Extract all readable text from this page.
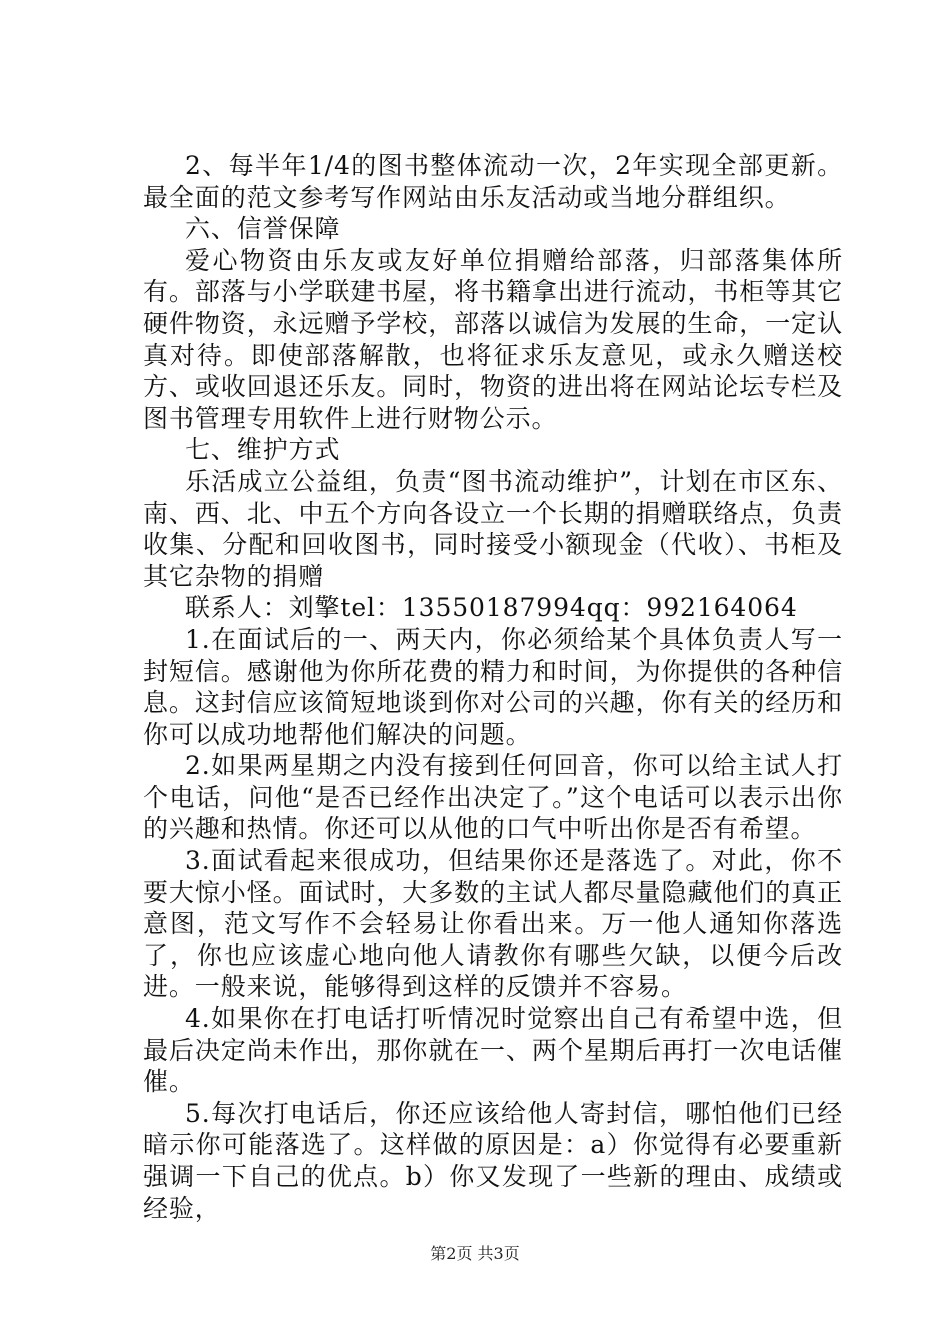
2、每半年1/4的图书整体流动一次，2年实现全部更新。最全面的范文参考写作网站由乐友活动或当地分群组织。

六、信誉保障

爱心物资由乐友或友好单位捐赠给部落，归部落集体所有。部落与小学联建书屋，将书籍拿出进行流动，书柜等其它硬件物资，永远赠予学校，部落以诚信为发展的生命，一定认真对待。即使部落解散，也将征求乐友意见，或永久赠送校方、或收回退还乐友。同时，物资的进出将在网站论坛专栏及图书管理专用软件上进行财物公示。

七、维护方式

乐活成立公益组，负责“图书流动维护”，计划在市区东、南、西、北、中五个方向各设立一个长期的捐赠联络点，负责收集、分配和回收图书，同时接受小额现金（代收）、书柜及其它杂物的捐赠

联系人：刘擎tel：13550187994qq：992164064

1.在面试后的一、两天内，你必须给某个具体负责人写一封短信。感谢他为你所花费的精力和时间，为你提供的各种信息。这封信应该简短地谈到你对公司的兴趣，你有关的经历和你可以成功地帮他们解决的问题。

2.如果两星期之内没有接到任何回音，你可以给主试人打个电话，问他“是否已经作出决定了。”这个电话可以表示出你的兴趣和热情。你还可以从他的口气中听出你是否有希望。

3.面试看起来很成功，但结果你还是落选了。对此，你不要大惊小怪。面试时，大多数的主试人都尽量隐藏他们的真正意图，范文写作不会轻易让你看出来。万一他人通知你落选了，你也应该虚心地向他人请教你有哪些欠缺，以便今后改进。一般来说，能够得到这样的反馈并不容易。

4.如果你在打电话打听情况时觉察出自己有希望中选，但最后决定尚未作出，那你就在一、两个星期后再打一次电话催催。

5.每次打电话后，你还应该给他人寄封信，哪怕他们已经暗示你可能落选了。这样做的原因是：a）你觉得有必要重新强调一下自己的优点。b）你又发现了一些新的理由、成绩或经验，

第2页 共3页
